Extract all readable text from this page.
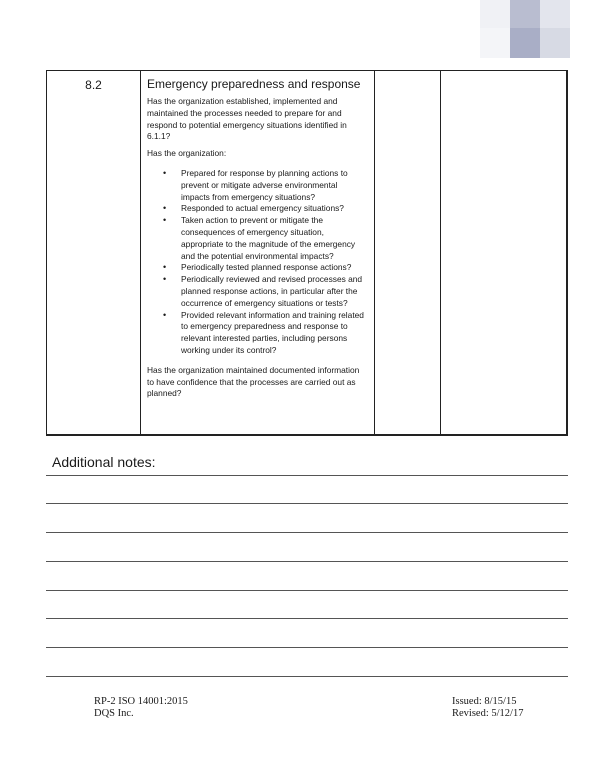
8.2	Emergency preparedness and response

Has the organization established, implemented and maintained the processes needed to prepare for and respond to potential emergency situations identified in 6.1.1?

Has the organization:

• Prepared for response by planning actions to prevent or mitigate adverse environmental impacts from emergency situations?
• Responded to actual emergency situations?
• Taken action to prevent or mitigate the consequences of emergency situation, appropriate to the magnitude of the emergency and the potential environmental impacts?
• Periodically tested planned response actions?
• Periodically reviewed and revised processes and planned response actions, in particular after the occurrence of emergency situations or tests?
• Provided relevant information and training related to emergency preparedness and response to relevant interested parties, including persons working under its control?

Has the organization maintained documented information to have confidence that the processes are carried out as planned?

Additional notes:

RP-2 ISO 14001:2015
DQS Inc.
Issued: 8/15/15
Revised: 5/12/17
